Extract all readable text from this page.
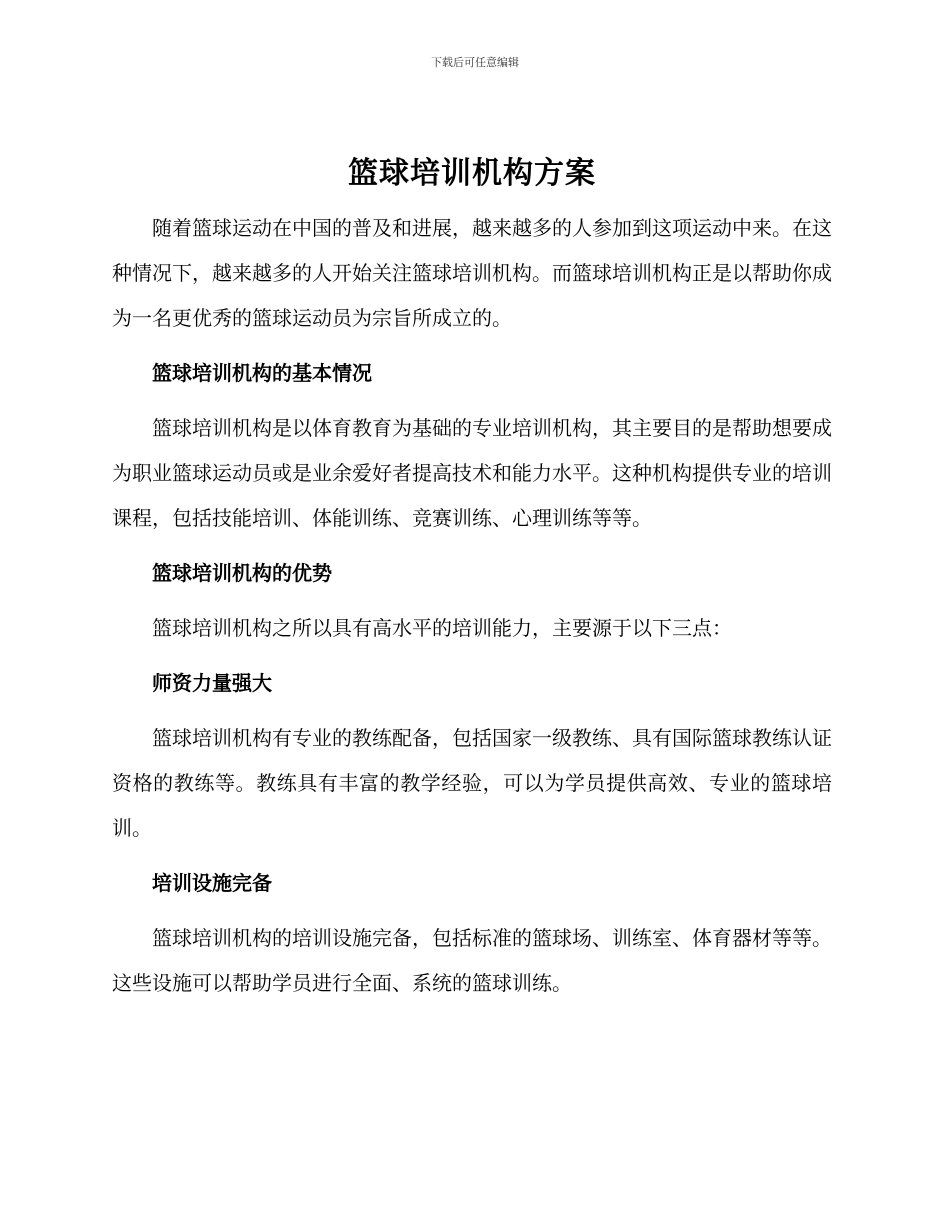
下载后可任意编辑
篮球培训机构方案

随着篮球运动在中国的普及和进展，越来越多的人参加到这项运动中来。在这种情况下，越来越多的人开始关注篮球培训机构。而篮球培训机构正是以帮助你成为一名更优秀的篮球运动员为宗旨所成立的。

篮球培训机构的基本情况

篮球培训机构是以体育教育为基础的专业培训机构，其主要目的是帮助想要成为职业篮球运动员或是业余爱好者提高技术和能力水平。这种机构提供专业的培训课程，包括技能培训、体能训练、竞赛训练、心理训练等等。

篮球培训机构的优势

篮球培训机构之所以具有高水平的培训能力，主要源于以下三点：

师资力量强大

篮球培训机构有专业的教练配备，包括国家一级教练、具有国际篮球教练认证资格的教练等。教练具有丰富的教学经验，可以为学员提供高效、专业的篮球培训。

培训设施完备

篮球培训机构的培训设施完备，包括标准的篮球场、训练室、体育器材等等。这些设施可以帮助学员进行全面、系统的篮球训练。
